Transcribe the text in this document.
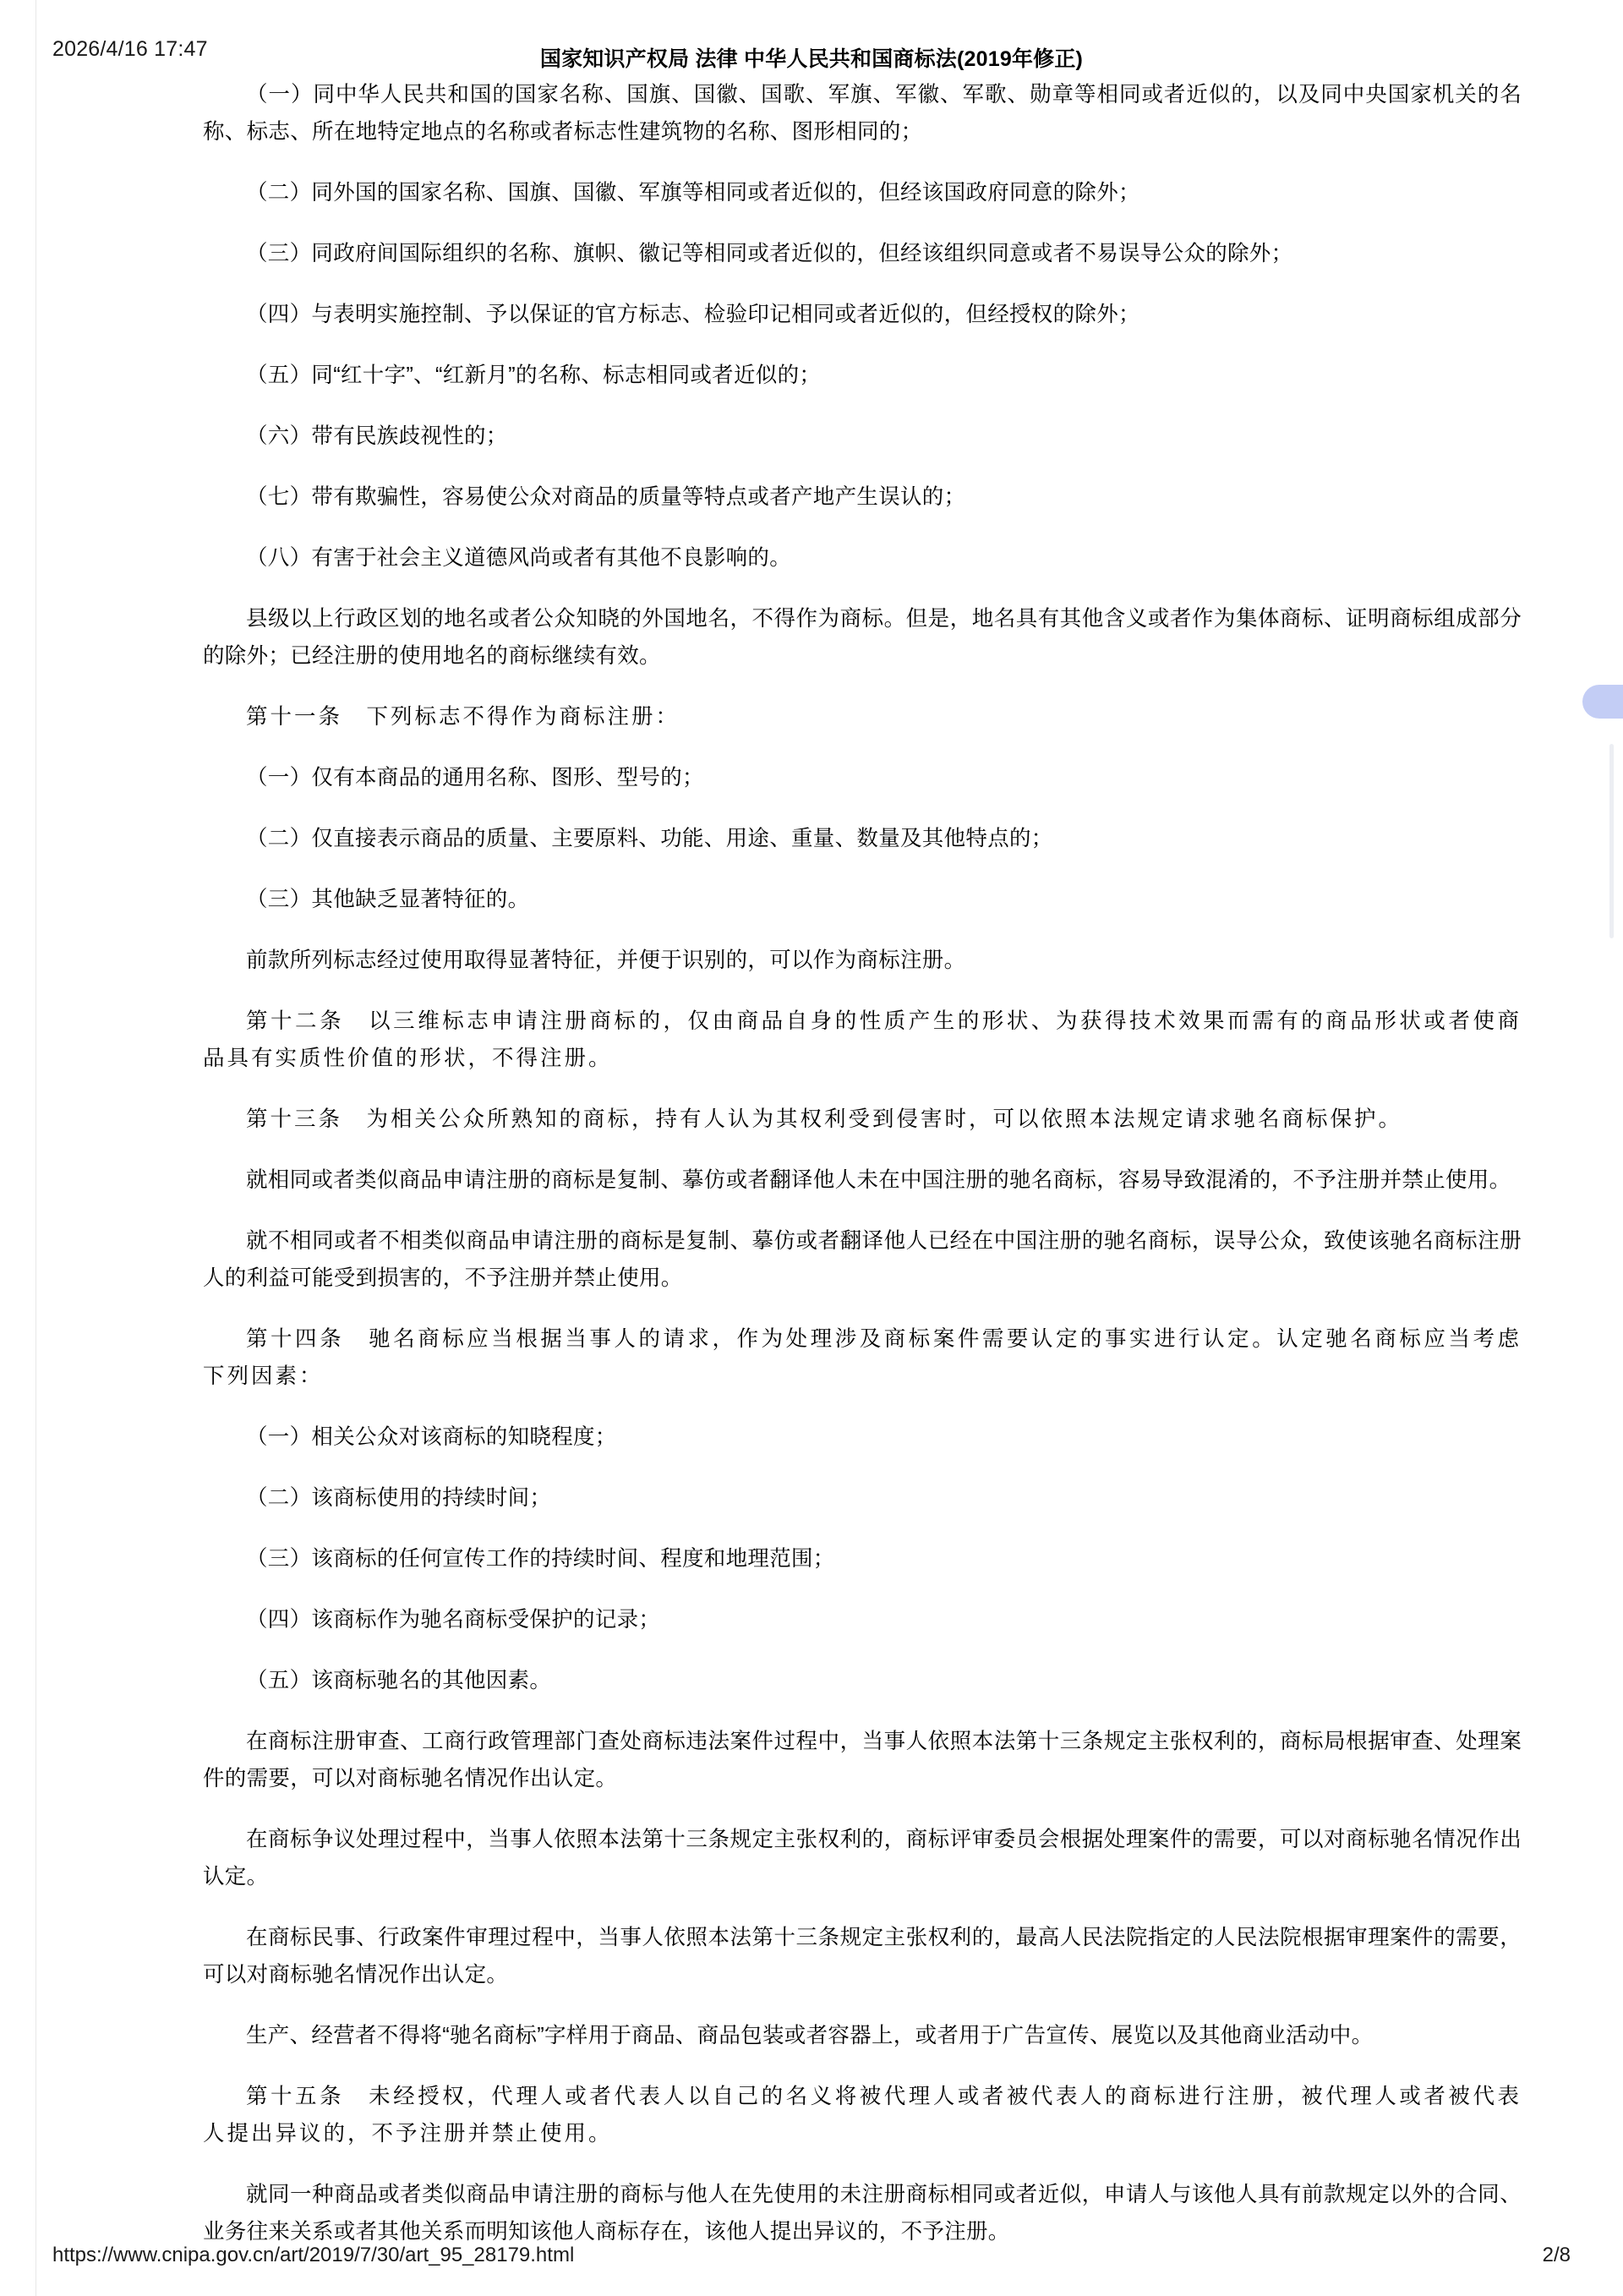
2026/4/16 17:47	国家知识产权局 法律 中华人民共和国商标法(2019年修正)

（一）同中华人民共和国的国家名称、国旗、国徽、国歌、军旗、军徽、军歌、勋章等相同或者近似的，以及同中央国家机关的名称、标志、所在地特定地点的名称或者标志性建筑物的名称、图形相同的；

（二）同外国的国家名称、国旗、国徽、军旗等相同或者近似的，但经该国政府同意的除外；

（三）同政府间国际组织的名称、旗帜、徽记等相同或者近似的，但经该组织同意或者不易误导公众的除外；

（四）与表明实施控制、予以保证的官方标志、检验印记相同或者近似的，但经授权的除外；

（五）同“红十字”、“红新月”的名称、标志相同或者近似的；

（六）带有民族歧视性的；

（七）带有欺骗性，容易使公众对商品的质量等特点或者产地产生误认的；

（八）有害于社会主义道德风尚或者有其他不良影响的。

县级以上行政区划的地名或者公众知晓的外国地名，不得作为商标。但是，地名具有其他含义或者作为集体商标、证明商标组成部分的除外；已经注册的使用地名的商标继续有效。

第十一条　下列标志不得作为商标注册：

（一）仅有本商品的通用名称、图形、型号的；

（二）仅直接表示商品的质量、主要原料、功能、用途、重量、数量及其他特点的；

（三）其他缺乏显著特征的。

前款所列标志经过使用取得显著特征，并便于识别的，可以作为商标注册。

第十二条　以三维标志申请注册商标的，仅由商品自身的性质产生的形状、为获得技术效果而需有的商品形状或者使商品具有实质性价值的形状，不得注册。

第十三条　为相关公众所熟知的商标，持有人认为其权利受到侵害时，可以依照本法规定请求驰名商标保护。

就相同或者类似商品申请注册的商标是复制、摹仿或者翻译他人未在中国注册的驰名商标，容易导致混淆的，不予注册并禁止使用。

就不相同或者不相类似商品申请注册的商标是复制、摹仿或者翻译他人已经在中国注册的驰名商标，误导公众，致使该驰名商标注册人的利益可能受到损害的，不予注册并禁止使用。

第十四条　驰名商标应当根据当事人的请求，作为处理涉及商标案件需要认定的事实进行认定。认定驰名商标应当考虑下列因素：

（一）相关公众对该商标的知晓程度；

（二）该商标使用的持续时间；

（三）该商标的任何宣传工作的持续时间、程度和地理范围；

（四）该商标作为驰名商标受保护的记录；

（五）该商标驰名的其他因素。

在商标注册审查、工商行政管理部门查处商标违法案件过程中，当事人依照本法第十三条规定主张权利的，商标局根据审查、处理案件的需要，可以对商标驰名情况作出认定。

在商标争议处理过程中，当事人依照本法第十三条规定主张权利的，商标评审委员会根据处理案件的需要，可以对商标驰名情况作出认定。

在商标民事、行政案件审理过程中，当事人依照本法第十三条规定主张权利的，最高人民法院指定的人民法院根据审理案件的需要，可以对商标驰名情况作出认定。

生产、经营者不得将“驰名商标”字样用于商品、商品包装或者容器上，或者用于广告宣传、展览以及其他商业活动中。

第十五条　未经授权，代理人或者代表人以自己的名义将被代理人或者被代表人的商标进行注册，被代理人或者被代表人提出异议的，不予注册并禁止使用。

就同一种商品或者类似商品申请注册的商标与他人在先使用的未注册商标相同或者近似，申请人与该他人具有前款规定以外的合同、业务往来关系或者其他关系而明知该他人商标存在，该他人提出异议的，不予注册。

https://www.cnipa.gov.cn/art/2019/7/30/art_95_28179.html	2/8
